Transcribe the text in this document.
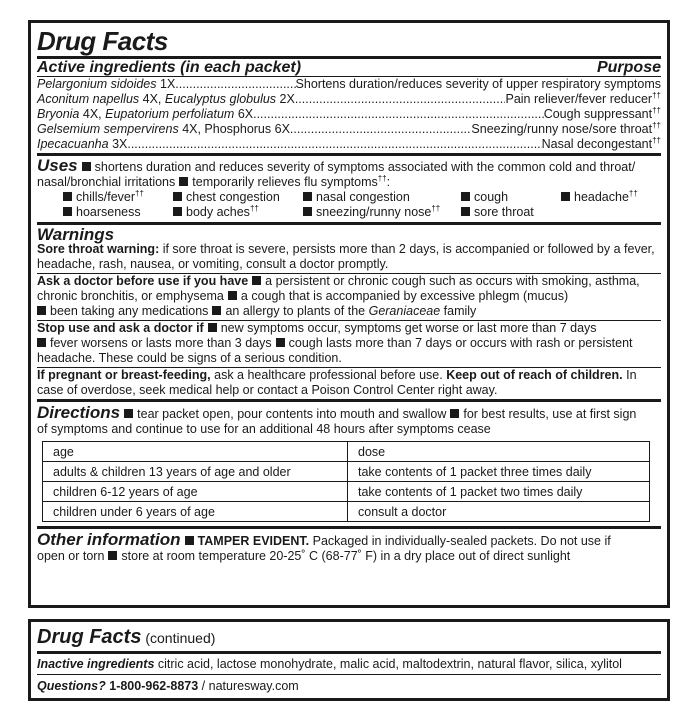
Drug Facts
Active ingredients (in each packet)	Purpose
Pelargonium sidoides 1X .....	Shortens duration/reduces severity of upper respiratory symptoms
Aconitum napellus 4X, Eucalyptus globulus 2X .....	Pain reliever/fever reducer††
Bryonia 4X, Eupatorium perfoliatum 6X .....	Cough suppressant††
Gelsemium sempervirens 4X, Phosphorus 6X .....	Sneezing/runny nose/sore throat††
Ipecacuanha 3X .....	Nasal decongestant††
Uses shortens duration and reduces severity of symptoms associated with the common cold and throat/
nasal/bronchial irritations temporarily relieves flu symptoms††:
chills/fever††	chest congestion	nasal congestion	cough	headache††
hoarseness	body aches††	sneezing/runny nose††	sore throat
Warnings
Sore throat warning: if sore throat is severe, persists more than 2 days, is accompanied or followed by a fever,
headache, rash, nausea, or vomiting, consult a doctor promptly.
Ask a doctor before use if you have a persistent or chronic cough such as occurs with smoking, asthma,
chronic bronchitis, or emphysema a cough that is accompanied by excessive phlegm (mucus)
been taking any medications an allergy to plants of the Geraniaceae family
Stop use and ask a doctor if new symptoms occur, symptoms get worse or last more than 7 days
fever worsens or lasts more than 3 days cough lasts more than 7 days or occurs with rash or persistent
headache. These could be signs of a serious condition.
If pregnant or breast-feeding, ask a healthcare professional before use. Keep out of reach of children. In
case of overdose, seek medical help or contact a Poison Control Center right away.
Directions tear packet open, pour contents into mouth and swallow for best results, use at first sign
of symptoms and continue to use for an additional 48 hours after symptoms cease
age	dose
adults & children 13 years of age and older	take contents of 1 packet three times daily
children 6-12 years of age	take contents of 1 packet two times daily
children under 6 years of age	consult a doctor
Other information TAMPER EVIDENT. Packaged in individually-sealed packets. Do not use if
open or torn store at room temperature 20-25˚ C (68-77˚ F) in a dry place out of direct sunlight
Drug Facts (continued)
Inactive ingredients citric acid, lactose monohydrate, malic acid, maltodextrin, natural flavor, silica, xylitol
Questions? 1-800-962-8873 / naturesway.com
